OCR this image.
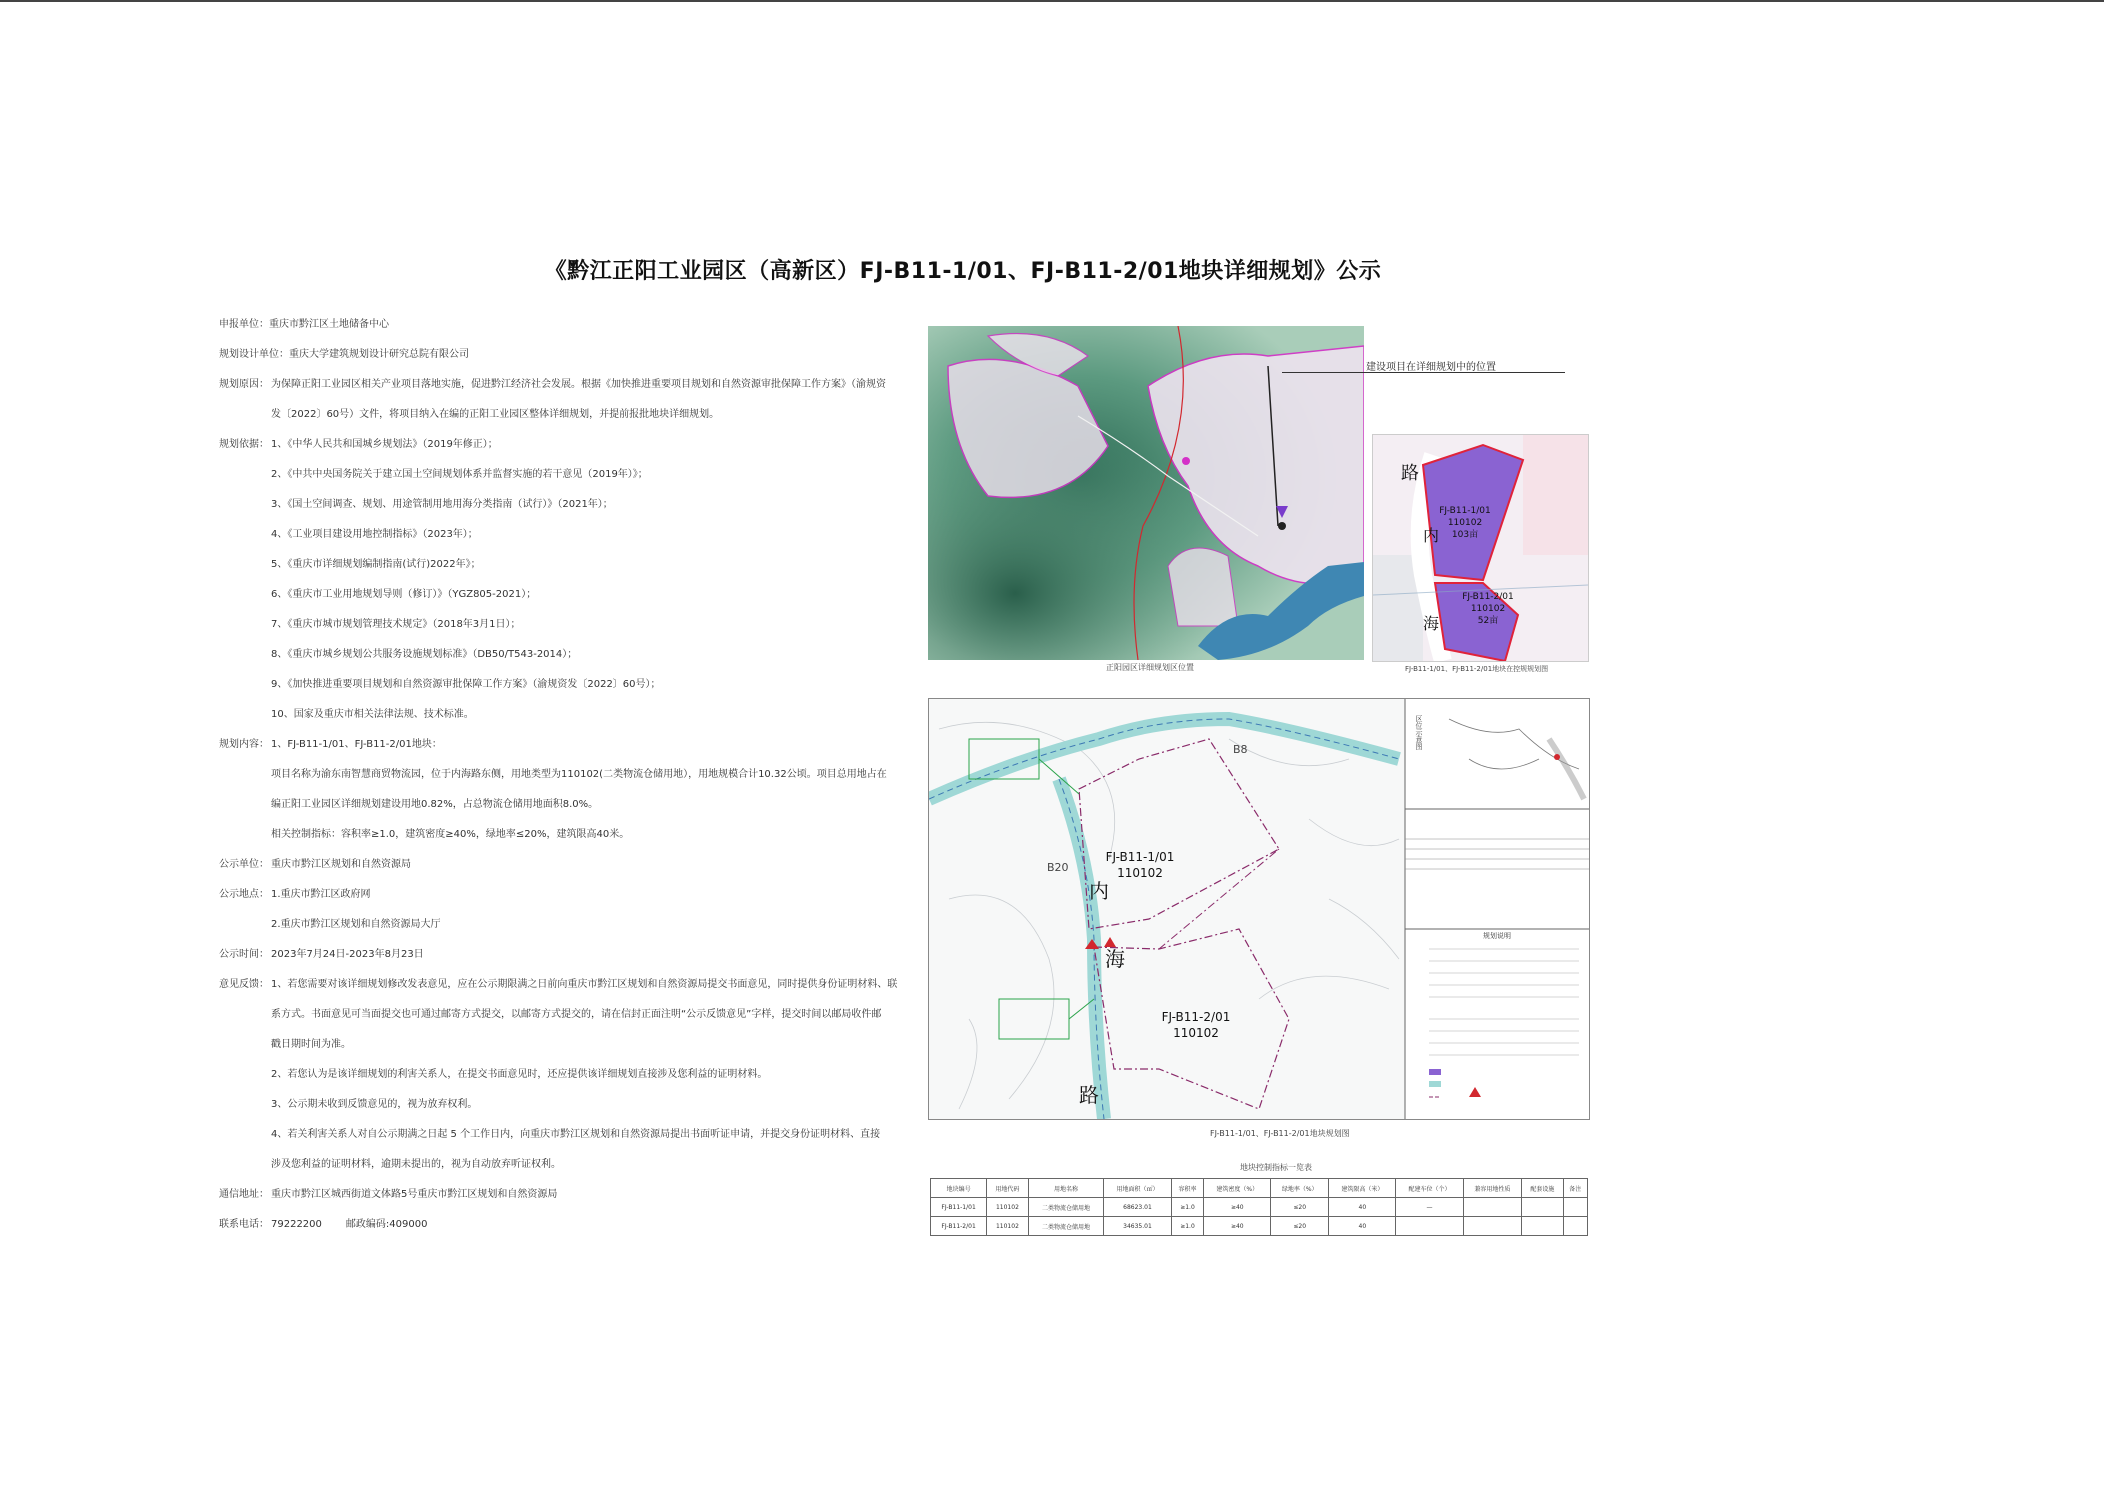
《黔江正阳工业园区（高新区）FJ-B11-1/01、FJ-B11-2/01地块详细规划》公示
申报单位：重庆市黔江区土地储备中心
规划设计单位：重庆大学建筑规划设计研究总院有限公司
规划原因： 为保障正阳工业园区相关产业项目落地实施，促进黔江经济社会发展。根据《加快推进重要项目规划和自然资源审批保障工作方案》（渝规资
发〔2022〕60号）文件，将项目纳入在编的正阳工业园区整体详细规划，并提前报批地块详细规划。
规划依据： 1、《中华人民共和国城乡规划法》（2019年修正）；
2、《中共中央国务院关于建立国土空间规划体系并监督实施的若干意见（2019年）》；
3、《国土空间调查、规划、用途管制用地用海分类指南（试行）》（2021年）；
4、《工业项目建设用地控制指标》（2023年）；
5、《重庆市详细规划编制指南(试行)2022年》；
6、《重庆市工业用地规划导则（修订）》（YGZ805-2021）；
7、《重庆市城市规划管理技术规定》（2018年3月1日）；
8、《重庆市城乡规划公共服务设施规划标准》（DB50/T543-2014）；
9、《加快推进重要项目规划和自然资源审批保障工作方案》（渝规资发〔2022〕60号）；
10、国家及重庆市相关法律法规、技术标准。
规划内容： 1、FJ-B11-1/01、FJ-B11-2/01地块：
项目名称为渝东南智慧商贸物流园，位于内海路东侧，用地类型为110102(二类物流仓储用地），用地规模合计10.32公顷。项目总用地占在
编正阳工业园区详细规划建设用地0.82%，占总物流仓储用地面积8.0%。
相关控制指标：容积率≥1.0，建筑密度≥40%，绿地率≤20%，建筑限高40米。
公示单位： 重庆市黔江区规划和自然资源局
公示地点： 1.重庆市黔江区政府网
2.重庆市黔江区规划和自然资源局大厅
公示时间： 2023年7月24日-2023年8月23日
意见反馈： 1、若您需要对该详细规划修改发表意见，应在公示期限满之日前向重庆市黔江区规划和自然资源局提交书面意见，同时提供身份证明材料、联
系方式。书面意见可当面提交也可通过邮寄方式提交，以邮寄方式提交的，请在信封正面注明“公示反馈意见”字样，提交时间以邮局收件邮
戳日期时间为准。
2、若您认为是该详细规划的利害关系人，在提交书面意见时，还应提供该详细规划直接涉及您利益的证明材料。
3、公示期未收到反馈意见的，视为放弃权利。
4、若关利害关系人对自公示期满之日起 5 个工作日内，向重庆市黔江区规划和自然资源局提出书面听证申请，并提交身份证明材料、直接
涉及您利益的证明材料，逾期未提出的，视为自动放弃听证权利。
通信地址： 重庆市黔江区城西街道文体路5号重庆市黔江区规划和自然资源局
联系电话： 79222200 邮政编码:409000
正阳园区详细规划区位置
建设项目在详细规划中的位置
路
内
海
FJ-B11-1/01
110102
103亩
FJ-B11-2/01
110102
52亩
FJ-B11-1/01、FJ-B11-2/01地块在控规规划图
B20
B8
FJ-B11-1/01
110102
FJ-B11-2/01
110102
内
海
路
区位示意图
规划说明
FJ-B11-1/01、FJ-B11-2/01地块规划图
地块控制指标一览表
地块编号	用地代码	用地名称	用地面积（㎡）	容积率	建筑密度（%）	绿地率（%）	建筑限高（米）	配建车位（个）	兼容用地性质	配套设施	备注
FJ-B11-1/01	110102	二类物流仓储用地	68623.01	≥1.0	≥40	≤20	40	—			
FJ-B11-2/01	110102	二类物流仓储用地	34635.01	≥1.0	≥40	≤20	40				
